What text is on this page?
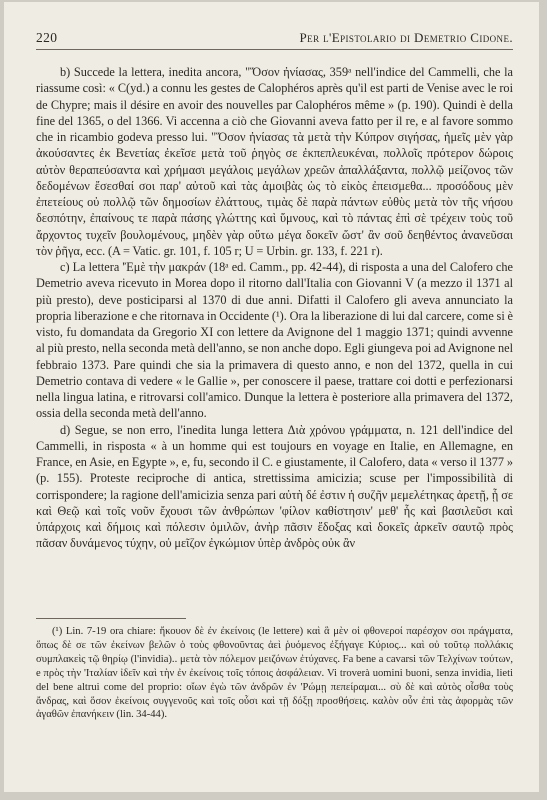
220	Per l'Epistolario di Demetrio Cidone.

b) Succede la lettera, inedita ancora, "Ὅσον ἠνίασας, 359ᵃ nell'indice del Cammelli, che la riassume così: « C(yd.) a connu les gestes de Calophéros après qu'il est parti de Venise avec le roi de Chypre; mais il désire en avoir des nouvelles par Calophéros même » (p. 190). Quindi è della fine del 1365, o del 1366. Vi accenna a ciò che Giovanni aveva fatto per il re, e al favore sommo che in ricambio godeva presso lui. "Ὅσον ἠνίασας τὰ μετὰ τὴν Κύπρον σιγήσας, ἡμεῖς μὲν γὰρ ἀκούσαντες ἐκ Βενετίας ἐκεῖσε μετὰ τοῦ ῥηγὸς σε ἐκπεπλευκέναι, πολλοῖς πρότερον δώροις αὐτὸν θεραπεύσαντα καὶ χρήμασι μεγάλοις μεγάλων χρεῶν ἀπαλλάξαντα, πολλῷ μείζονος τῶν δεδομένων ἔσεσθαί σοι παρ' αὐτοῦ καὶ τὰς ἀμοιβὰς ὡς τὸ εἰκὸς ἐπεισμεθα... προσόδους μὲν ἐπετείους οὐ πολλῷ τῶν δημοσίων ἐλάττους, τιμὰς δὲ παρὰ πάντων εὐθὺς μετὰ τὸν τῆς νήσου δεσπότην, ἐπαίνους τε παρὰ πάσης γλώττης καὶ ὕμνους, καὶ τὸ πάντας ἐπὶ σὲ τρέχειν τοὺς τοῦ ἄρχοντος τυχεῖν βουλομένους, μηδὲν γὰρ οὕτω μέγα δοκεῖν ὥστ' ἂν σοῦ δεηθέντος ἀνανεῦσαι τὸν ῥῆγα, ecc. (A = Vatic. gr. 101, f. 105 r; U = Urbin. gr. 133, f. 221 r).

c) La lettera 'Ἐμὲ τὴν μακράν (18ᵃ ed. Camm., pp. 42-44), di risposta a una del Calofero che Demetrio aveva ricevuto in Morea dopo il ritorno dall'Italia con Giovanni V (a mezzo il 1371 al più presto), deve posticiparsi al 1370 di due anni. Difatti il Calofero gli aveva annunciato la propria liberazione e che ritornava in Occidente (¹). Ora la liberazione di lui dal carcere, come si è visto, fu domandata da Gregorio XI con lettere da Avignone del 1 maggio 1371; quindi avvenne al più presto, nella seconda metà dell'anno, se non anche dopo. Egli giungeva poi ad Avignone nel febbraio 1373. Pare quindi che sia la primavera di questo anno, e non del 1372, quella in cui Demetrio contava di vedere « le Gallie », per conoscere il paese, trattare coi dotti e perfezionarsi nella lingua latina, e ritrovarsi coll'amico. Dunque la lettera è posteriore alla primavera del 1372, ossia della seconda metà dell'anno.

d) Segue, se non erro, l'inedita lunga lettera Διὰ χρόνου γράμματα, n. 121 dell'indice del Cammelli, in risposta « à un homme qui est toujours en voyage en Italie, en Allemagne, en France, en Asie, en Egypte », e, fu, secondo il C. e giustamente, il Calofero, data « verso il 1377 » (p. 155). Proteste reciproche di antica, strettissima amicizia; scuse per l'impossibilità di corrispondere; la ragione dell'amicizia senza pari αὐτὴ δέ ἐστιν ἡ συζῆν μεμελέτηκας ἀρετῇ, ᾗ σε καὶ Θεῷ καὶ τοῖς νοῦν ἔχουσι τῶν ἀνθρώπων 'φίλον καθίστησιν' μεθ' ἧς καὶ βασιλεῦσι καὶ ὑπάρχοις καὶ δήμοις καὶ πόλεσιν ὁμιλῶν, ἀνὴρ πᾶσιν ἔδοξας καὶ δοκεῖς ἀρκεῖν σαυτῷ πρὸς πᾶσαν δυνάμενος τύχην, οὐ μεῖζον ἐγκώμιον ὑπὲρ ἀνδρὸς οὐκ ἂν

(¹) Lin. 7-19 ora chiare: ἤκουον δὲ ἐν ἐκείνοις (le lettere) καὶ ἃ μὲν οἱ φθονεροί παρέσχον σοι πράγματα, ὅπως δὲ σε τῶν ἐκείνων βελῶν ὁ τοὺς φθονοῦντας ἀεὶ ῥυόμενος ἐξήγαγε Κύριος... καὶ οὐ τοῦτῳ πολλάκις συμπλακεὶς τῷ θηρίῳ (l'invidia).. μετὰ τὸν πόλεμον μειζόνων ἐτύχανες. Fa bene a cavarsi τῶν Τελχίνων τούτων, e πρὸς τὴν 'Ιταλίαν ἰδεῖν καὶ τὴν ἐν ἐκείνοις τοῖς τόποις ἀσφάλειαν. Vi troverà uomini buoni, senza invidia, lieti del bene altrui come del proprio: οἴων ἐγὼ τῶν ἀνδρῶν ἐν 'Ρώμῃ πεπείραμαι... σὺ δὲ καὶ αὐτὸς οἶσθα τοὺς ἄνδρας, καὶ ὅσον ἐκείνοις συγγενοῦς καὶ τοῖς οὖσι καὶ τῇ δόξῃ προσθήσεις. καλὸν οὖν ἐπὶ τὰς ἀφορμὰς τῶν ἀγαθῶν ἐπανήκειν (lin. 34-44).
